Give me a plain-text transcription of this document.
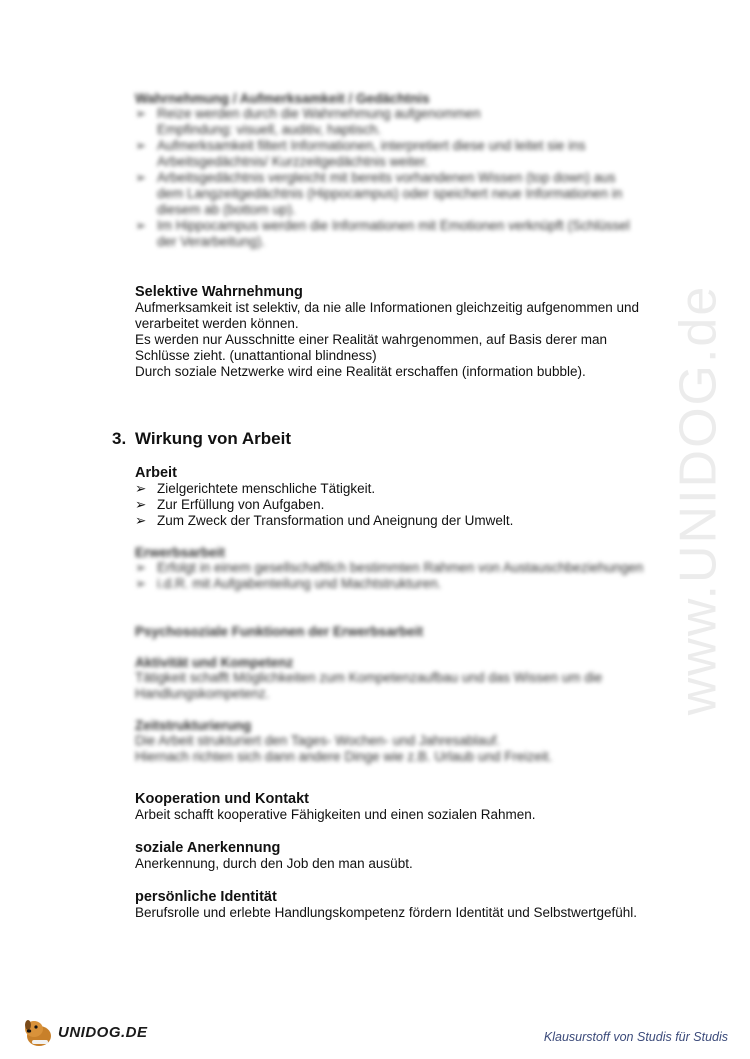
www.UNIDOG.de
Wahrnehmung / Aufmerksamkeit / Gedächtnis
➢ Reize werden durch die Wahrnehmung aufgenommen
Empfindung: visuell, auditiv, haptisch.
➢ Aufmerksamkeit filtert Informationen, interpretiert diese und leitet sie ins
Arbeitsgedächtnis/ Kurzzeitgedächtnis weiter.
➢ Arbeitsgedächtnis vergleicht mit bereits vorhandenen Wissen (top down) aus
dem Langzeitgedächtnis (Hippocampus) oder speichert neue Informationen in
diesem ab (bottom up).
➢ Im Hippocampus werden die Informationen mit Emotionen verknüpft (Schlüssel
der Verarbeitung).
Selektive Wahrnehmung
Aufmerksamkeit ist selektiv, da nie alle Informationen gleichzeitig aufgenommen und
verarbeitet werden können.
Es werden nur Ausschnitte einer Realität wahrgenommen, auf Basis derer man
Schlüsse zieht. (unattantional blindness)
Durch soziale Netzwerke wird eine Realität erschaffen (information bubble).
3. Wirkung von Arbeit
Arbeit
➢ Zielgerichtete menschliche Tätigkeit.
➢ Zur Erfüllung von Aufgaben.
➢ Zum Zweck der Transformation und Aneignung der Umwelt.
Erwerbsarbeit
➢ Erfolgt in einem gesellschaftlich bestimmten Rahmen von Austauschbeziehungen
➢ i.d.R. mit Aufgabenteilung und Machtstrukturen.
Psychosoziale Funktionen der Erwerbsarbeit
Aktivität und Kompetenz
Tätigkeit schafft Möglichkeiten zum Kompetenzaufbau und das Wissen um die
Handlungskompetenz.
Zeitstrukturierung
Die Arbeit strukturiert den Tages- Wochen- und Jahresablauf.
Hiernach richten sich dann andere Dinge wie z.B. Urlaub und Freizeit.
Kooperation und Kontakt
Arbeit schafft kooperative Fähigkeiten und einen sozialen Rahmen.
soziale Anerkennung
Anerkennung, durch den Job den man ausübt.
persönliche Identität
Berufsrolle und erlebte Handlungskompetenz fördern Identität und Selbstwertgefühl.
UNIDOG.DE	Klausurstoff von Studis für Studis
